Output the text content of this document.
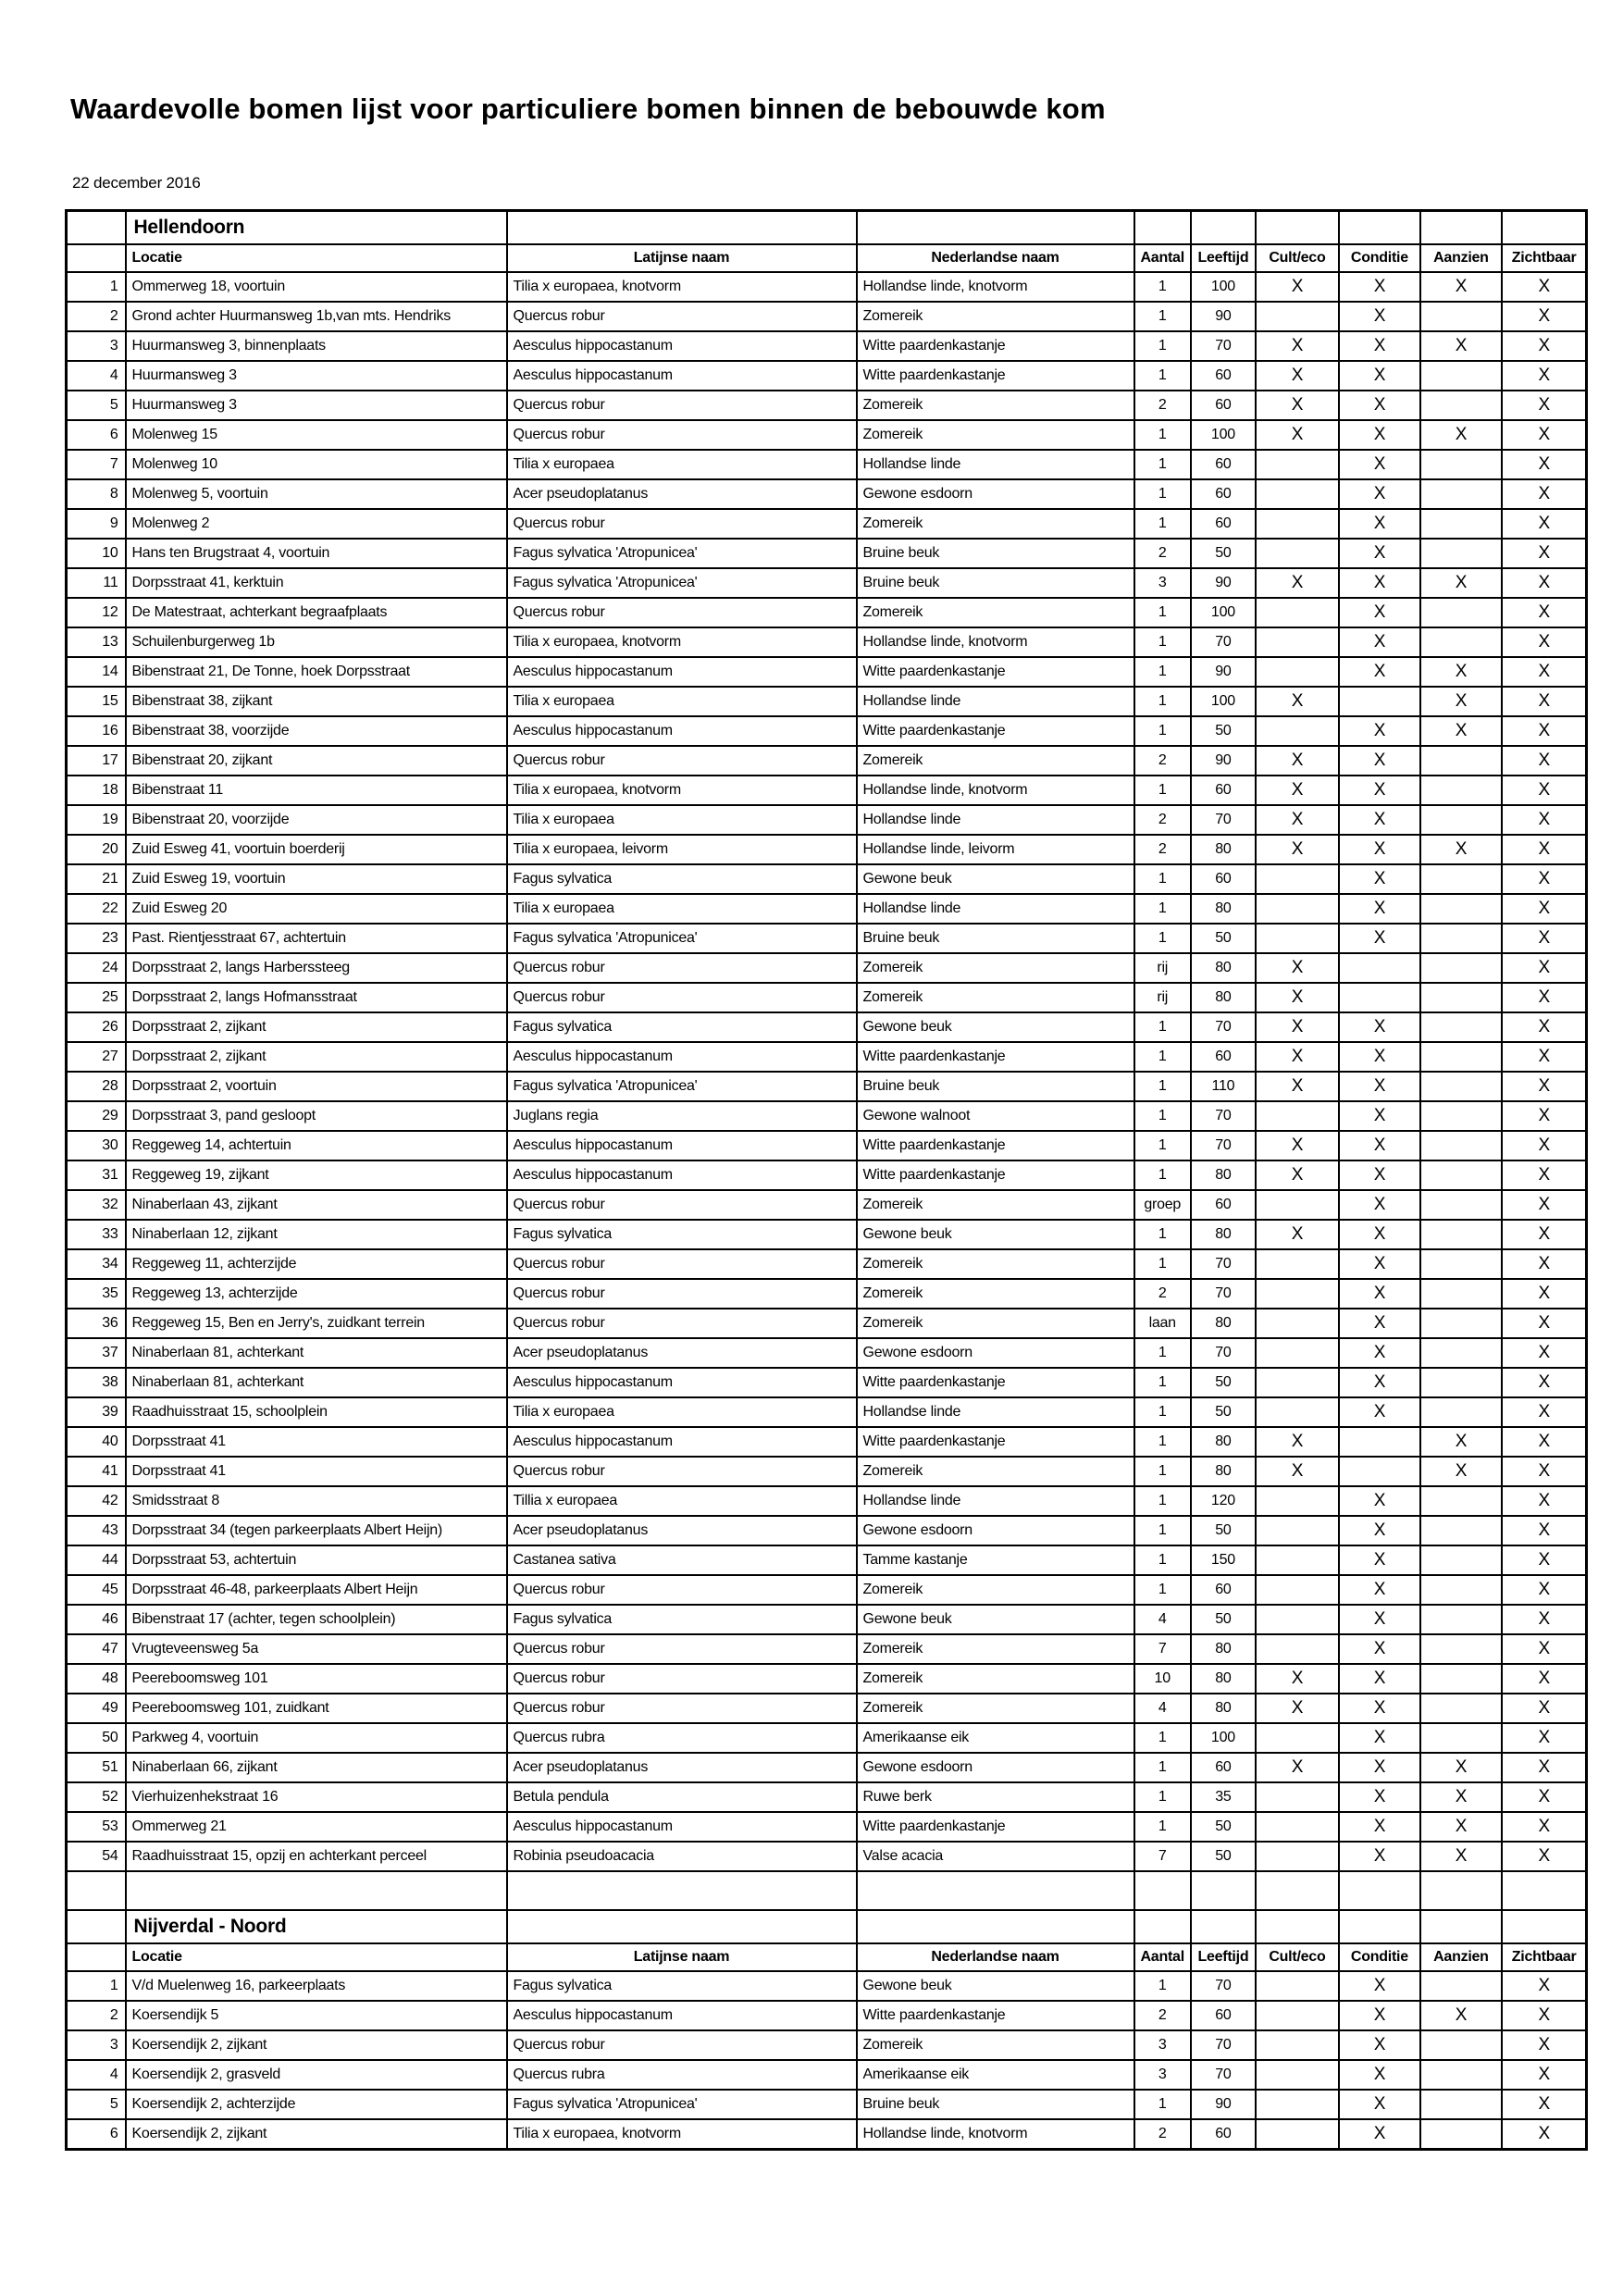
Waardevolle bomen lijst voor particuliere bomen binnen de bebouwde kom
22 december 2016
	Hellendoorn								
	Locatie	Latijnse naam	Nederlandse naam	Aantal	Leeftijd	Cult/eco	Conditie	Aanzien	Zichtbaar
1	Ommerweg 18, voortuin	Tilia x europaea, knotvorm	Hollandse linde, knotvorm	1	100	X	X	X	X
2	Grond achter Huurmansweg 1b,van mts. Hendriks	Quercus robur	Zomereik	1	90		X		X
3	Huurmansweg 3, binnenplaats	Aesculus hippocastanum	Witte paardenkastanje	1	70	X	X	X	X
4	Huurmansweg 3	Aesculus hippocastanum	Witte paardenkastanje	1	60	X	X		X
5	Huurmansweg 3	Quercus robur	Zomereik	2	60	X	X		X
6	Molenweg 15	Quercus robur	Zomereik	1	100	X	X	X	X
7	Molenweg 10	Tilia x europaea	Hollandse linde	1	60		X		X
8	Molenweg 5, voortuin	Acer pseudoplatanus	Gewone esdoorn	1	60		X		X
9	Molenweg 2	Quercus robur	Zomereik	1	60		X		X
10	Hans ten Brugstraat 4, voortuin	Fagus sylvatica 'Atropunicea'	Bruine beuk	2	50		X		X
11	Dorpsstraat 41, kerktuin	Fagus sylvatica 'Atropunicea'	Bruine beuk	3	90	X	X	X	X
12	De Matestraat, achterkant begraafplaats	Quercus robur	Zomereik	1	100		X		X
13	Schuilenburgerweg 1b	Tilia x europaea, knotvorm	Hollandse linde, knotvorm	1	70		X		X
14	Bibenstraat 21, De Tonne, hoek Dorpsstraat	Aesculus hippocastanum	Witte paardenkastanje	1	90		X	X	X
15	Bibenstraat 38, zijkant	Tilia x europaea	Hollandse linde	1	100	X		X	X
16	Bibenstraat 38, voorzijde	Aesculus hippocastanum	Witte paardenkastanje	1	50		X	X	X
17	Bibenstraat 20, zijkant	Quercus robur	Zomereik	2	90	X	X		X
18	Bibenstraat 11	Tilia x europaea, knotvorm	Hollandse linde, knotvorm	1	60	X	X		X
19	Bibenstraat 20, voorzijde	Tilia x europaea	Hollandse linde	2	70	X	X		X
20	Zuid Esweg 41, voortuin boerderij	Tilia x europaea, leivorm	Hollandse linde, leivorm	2	80	X	X	X	X
21	Zuid Esweg 19, voortuin	Fagus sylvatica	Gewone beuk	1	60		X		X
22	Zuid Esweg 20	Tilia x europaea	Hollandse linde	1	80		X		X
23	Past. Rientjesstraat 67, achtertuin	Fagus sylvatica 'Atropunicea'	Bruine beuk	1	50		X		X
24	Dorpsstraat 2, langs Harberssteeg	Quercus robur	Zomereik	rij	80	X			X
25	Dorpsstraat 2, langs Hofmansstraat	Quercus robur	Zomereik	rij	80	X			X
26	Dorpsstraat 2, zijkant	Fagus sylvatica	Gewone beuk	1	70	X	X		X
27	Dorpsstraat 2, zijkant	Aesculus hippocastanum	Witte paardenkastanje	1	60	X	X		X
28	Dorpsstraat 2, voortuin	Fagus sylvatica 'Atropunicea'	Bruine beuk	1	110	X	X		X
29	Dorpsstraat 3, pand gesloopt	Juglans regia	Gewone walnoot	1	70		X		X
30	Reggeweg 14, achtertuin	Aesculus hippocastanum	Witte paardenkastanje	1	70	X	X		X
31	Reggeweg 19, zijkant	Aesculus hippocastanum	Witte paardenkastanje	1	80	X	X		X
32	Ninaberlaan 43, zijkant	Quercus robur	Zomereik	groep	60		X		X
33	Ninaberlaan 12, zijkant	Fagus sylvatica	Gewone beuk	1	80	X	X		X
34	Reggeweg 11, achterzijde	Quercus robur	Zomereik	1	70		X		X
35	Reggeweg 13, achterzijde	Quercus robur	Zomereik	2	70		X		X
36	Reggeweg 15, Ben en Jerry's, zuidkant terrein	Quercus robur	Zomereik	laan	80		X		X
37	Ninaberlaan 81, achterkant	Acer pseudoplatanus	Gewone esdoorn	1	70		X		X
38	Ninaberlaan 81, achterkant	Aesculus hippocastanum	Witte paardenkastanje	1	50		X		X
39	Raadhuisstraat 15, schoolplein	Tilia x europaea	Hollandse linde	1	50		X		X
40	Dorpsstraat 41	Aesculus hippocastanum	Witte paardenkastanje	1	80	X		X	X
41	Dorpsstraat 41	Quercus robur	Zomereik	1	80	X		X	X
42	Smidsstraat 8	Tillia x europaea	Hollandse linde	1	120		X		X
43	Dorpsstraat 34 (tegen parkeerplaats Albert Heijn)	Acer pseudoplatanus	Gewone esdoorn	1	50		X		X
44	Dorpsstraat 53, achtertuin	Castanea sativa	Tamme kastanje	1	150		X		X
45	Dorpsstraat 46-48, parkeerplaats Albert Heijn	Quercus robur	Zomereik	1	60		X		X
46	Bibenstraat 17 (achter, tegen schoolplein)	Fagus sylvatica	Gewone beuk	4	50		X		X
47	Vrugteveensweg 5a	Quercus robur	Zomereik	7	80		X		X
48	Peereboomsweg 101	Quercus robur	Zomereik	10	80	X	X		X
49	Peereboomsweg 101, zuidkant	Quercus robur	Zomereik	4	80	X	X		X
50	Parkweg 4, voortuin	Quercus rubra	Amerikaanse eik	1	100		X		X
51	Ninaberlaan 66, zijkant	Acer pseudoplatanus	Gewone esdoorn	1	60	X	X	X	X
52	Vierhuizenhekstraat 16	Betula pendula	Ruwe berk	1	35		X	X	X
53	Ommerweg 21	Aesculus hippocastanum	Witte paardenkastanje	1	50		X	X	X
54	Raadhuisstraat 15, opzij en achterkant perceel	Robinia pseudoacacia	Valse acacia	7	50		X	X	X

	Nijverdal - Noord								
	Locatie	Latijnse naam	Nederlandse naam	Aantal	Leeftijd	Cult/eco	Conditie	Aanzien	Zichtbaar
1	V/d Muelenweg 16, parkeerplaats	Fagus sylvatica	Gewone beuk	1	70		X		X
2	Koersendijk 5	Aesculus hippocastanum	Witte paardenkastanje	2	60		X	X	X
3	Koersendijk 2, zijkant	Quercus robur	Zomereik	3	70		X		X
4	Koersendijk 2, grasveld	Quercus rubra	Amerikaanse eik	3	70		X		X
5	Koersendijk 2, achterzijde	Fagus sylvatica 'Atropunicea'	Bruine beuk	1	90		X		X
6	Koersendijk 2, zijkant	Tilia x europaea, knotvorm	Hollandse linde, knotvorm	2	60		X		X
